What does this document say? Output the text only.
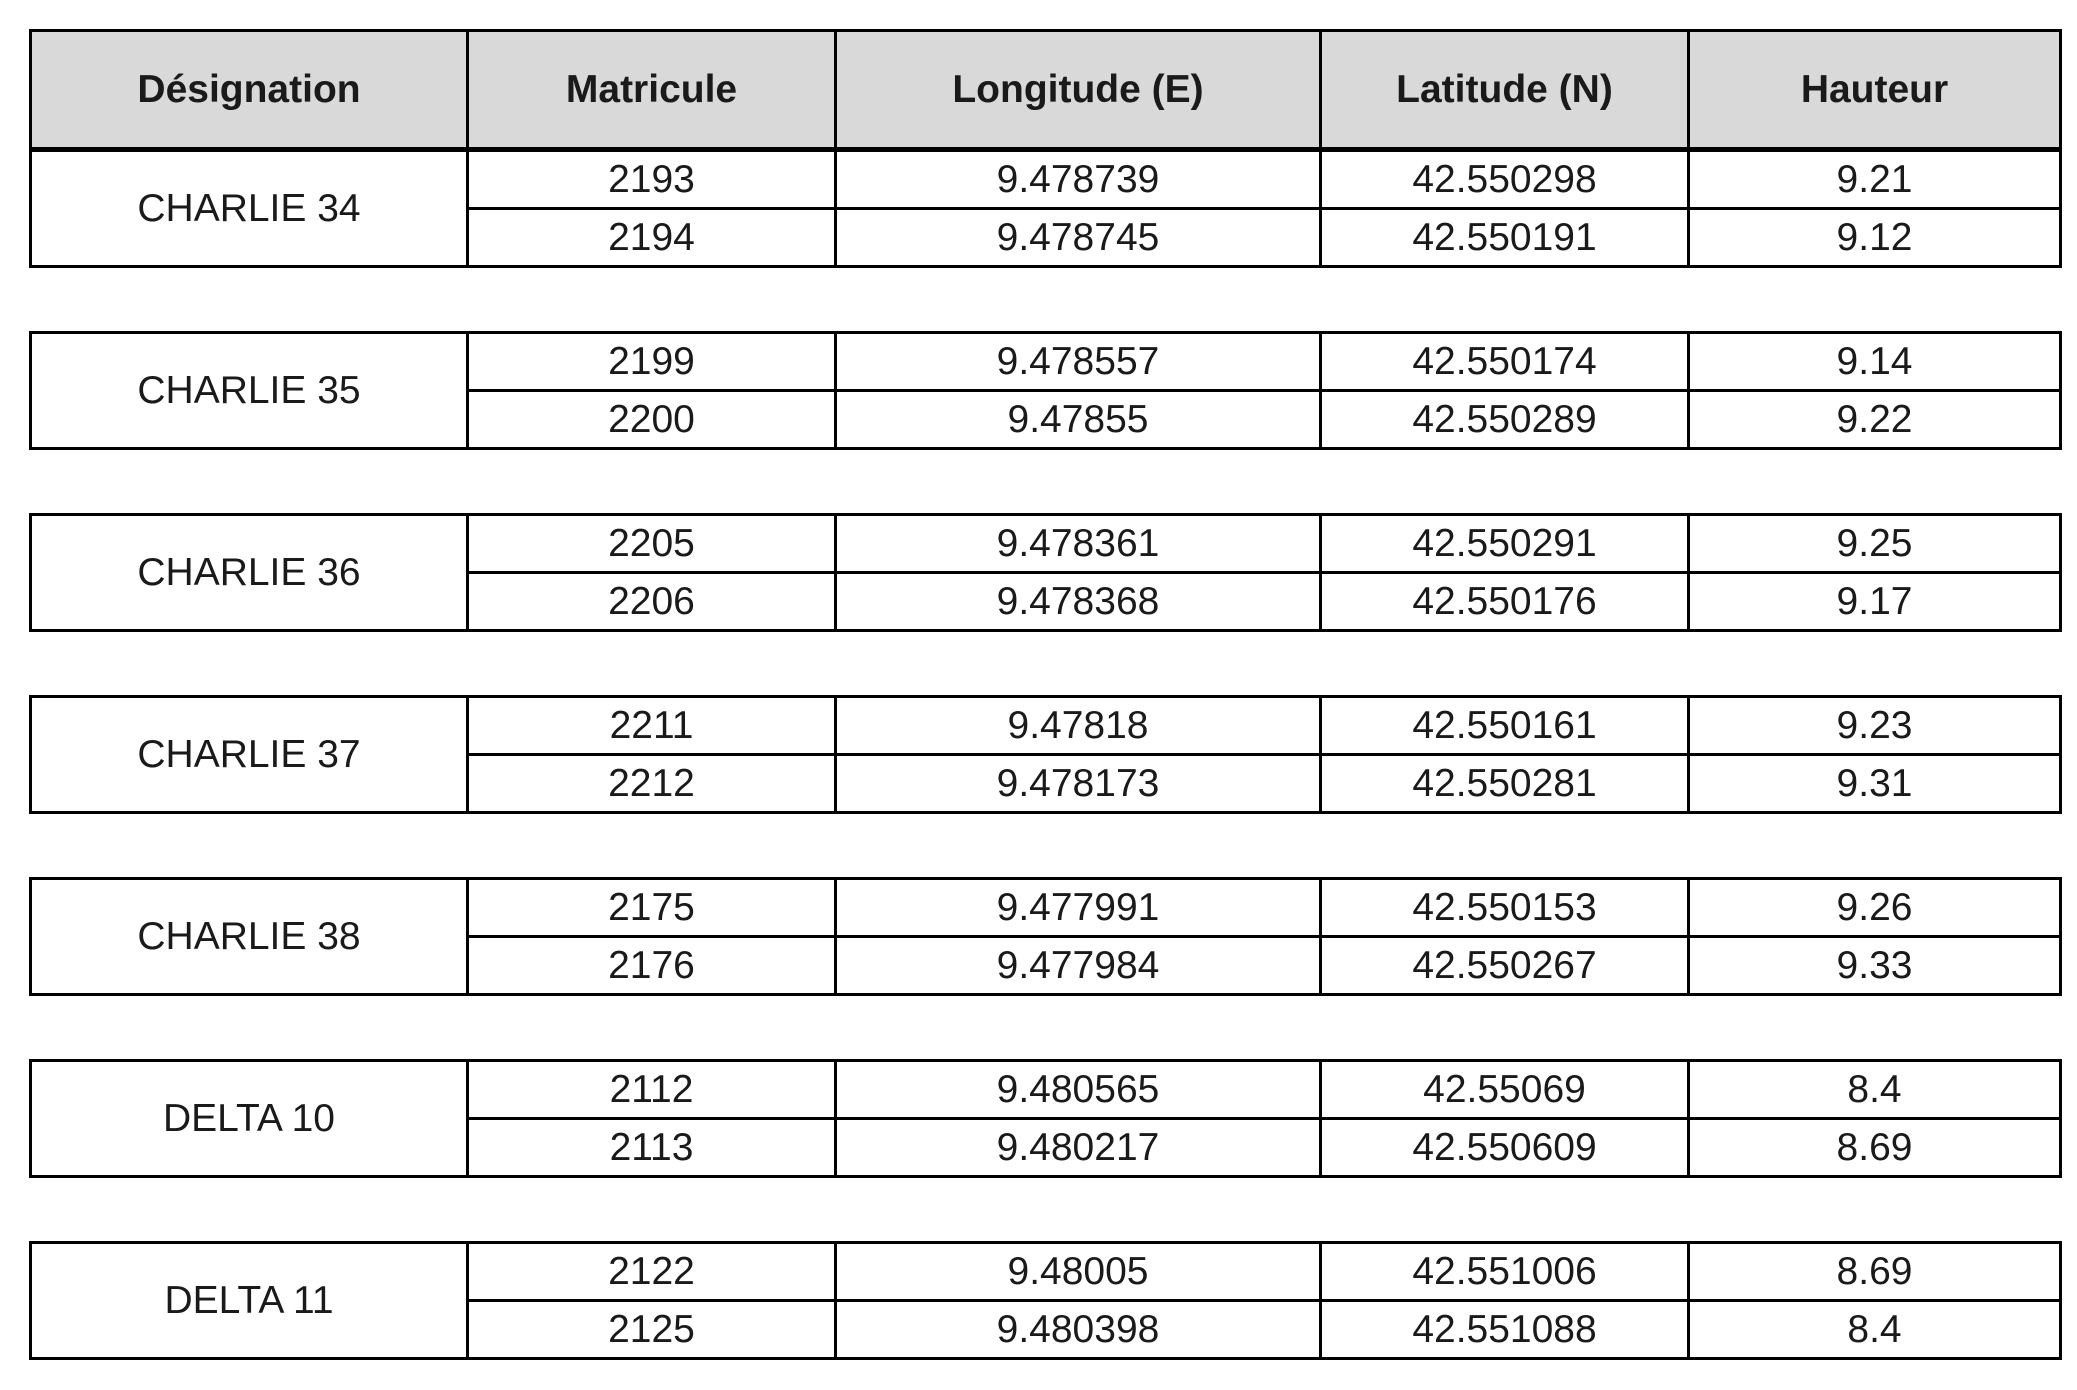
Désignation	Matricule	Longitude (E)	Latitude (N)	Hauteur
CHARLIE 34	2193	9.478739	42.550298	9.21
	2194	9.478745	42.550191	9.12
CHARLIE 35	2199	9.478557	42.550174	9.14
	2200	9.47855	42.550289	9.22
CHARLIE 36	2205	9.478361	42.550291	9.25
	2206	9.478368	42.550176	9.17
CHARLIE 37	2211	9.47818	42.550161	9.23
	2212	9.478173	42.550281	9.31
CHARLIE 38	2175	9.477991	42.550153	9.26
	2176	9.477984	42.550267	9.33
DELTA 10	2112	9.480565	42.55069	8.4
	2113	9.480217	42.550609	8.69
DELTA 11	2122	9.48005	42.551006	8.69
	2125	9.480398	42.551088	8.4
